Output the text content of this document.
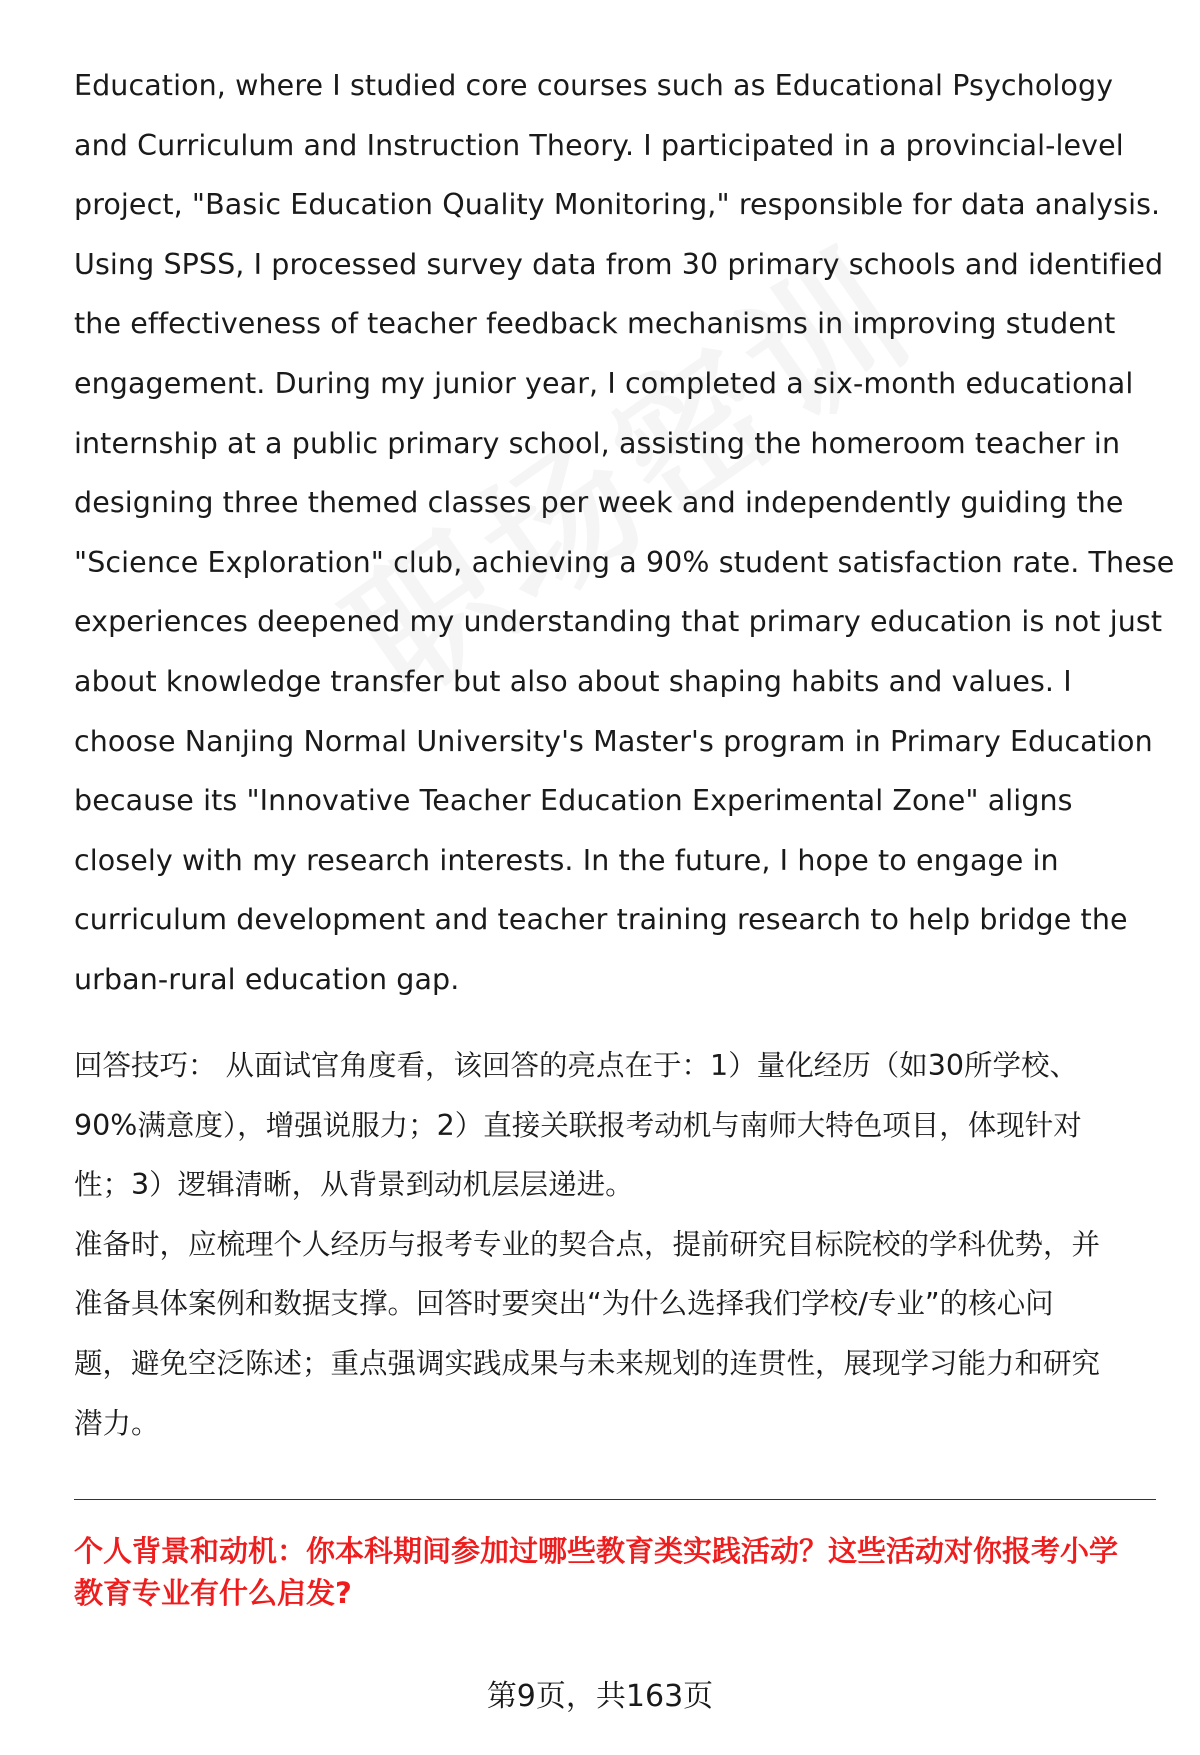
Education, where I studied core courses such as Educational Psychology
and Curriculum and Instruction Theory. I participated in a provincial-level
project, "Basic Education Quality Monitoring," responsible for data analysis.
Using SPSS, I processed survey data from 30 primary schools and identified
the effectiveness of teacher feedback mechanisms in improving student
engagement. During my junior year, I completed a six-month educational
internship at a public primary school, assisting the homeroom teacher in
designing three themed classes per week and independently guiding the
"Science Exploration" club, achieving a 90% student satisfaction rate. These
experiences deepened my understanding that primary education is not just
about knowledge transfer but also about shaping habits and values. I
choose Nanjing Normal University's Master's program in Primary Education
because its "Innovative Teacher Education Experimental Zone" aligns
closely with my research interests. In the future, I hope to engage in
curriculum development and teacher training research to help bridge the
urban-rural education gap.
回答技巧： 从面试官角度看，该回答的亮点在于：1）量化经历（如30所学校、
90%满意度），增强说服力；2）直接关联报考动机与南师大特色项目，体现针对
性；3）逻辑清晰，从背景到动机层层递进。
准备时，应梳理个人经历与报考专业的契合点，提前研究目标院校的学科优势，并
准备具体案例和数据支撑。回答时要突出“为什么选择我们学校/专业”的核心问
题，避免空泛陈述；重点强调实践成果与未来规划的连贯性，展现学习能力和研究
潜力。
个人背景和动机：你本科期间参加过哪些教育类实践活动？这些活动对你报考小学
教育专业有什么启发?
第9页，共163页
